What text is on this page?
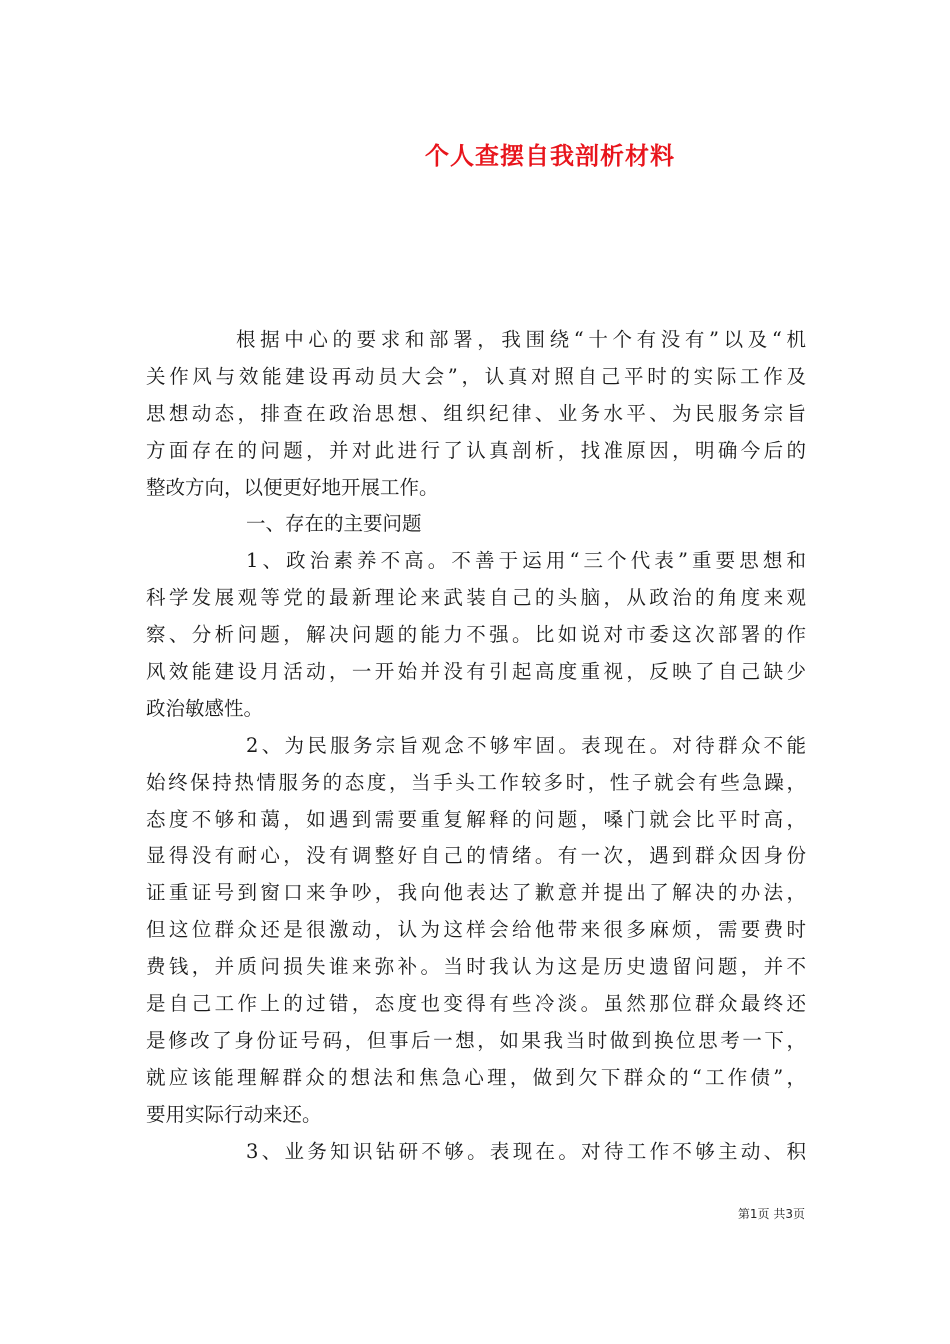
个人查摆自我剖析材料
根据中心的要求和部署，我围绕“十个有没有”以及“机
关作风与效能建设再动员大会”，认真对照自己平时的实际工作及
思想动态，排查在政治思想、组织纪律、业务水平、为民服务宗旨
方面存在的问题，并对此进行了认真剖析，找准原因，明确今后的
整改方向，以便更好地开展工作。
一、存在的主要问题
1、政治素养不高。不善于运用“三个代表”重要思想和
科学发展观等党的最新理论来武装自己的头脑，从政治的角度来观
察、分析问题，解决问题的能力不强。比如说对市委这次部署的作
风效能建设月活动，一开始并没有引起高度重视，反映了自己缺少
政治敏感性。
2、为民服务宗旨观念不够牢固。表现在。对待群众不能
始终保持热情服务的态度，当手头工作较多时，性子就会有些急躁，
态度不够和蔼，如遇到需要重复解释的问题，嗓门就会比平时高，
显得没有耐心，没有调整好自己的情绪。有一次，遇到群众因身份
证重证号到窗口来争吵，我向他表达了歉意并提出了解决的办法，
但这位群众还是很激动，认为这样会给他带来很多麻烦，需要费时
费钱，并质问损失谁来弥补。当时我认为这是历史遗留问题，并不
是自己工作上的过错，态度也变得有些冷淡。虽然那位群众最终还
是修改了身份证号码，但事后一想，如果我当时做到换位思考一下，
就应该能理解群众的想法和焦急心理，做到欠下群众的“工作债”，
要用实际行动来还。
3、业务知识钻研不够。表现在。对待工作不够主动、积
第1页 共3页
